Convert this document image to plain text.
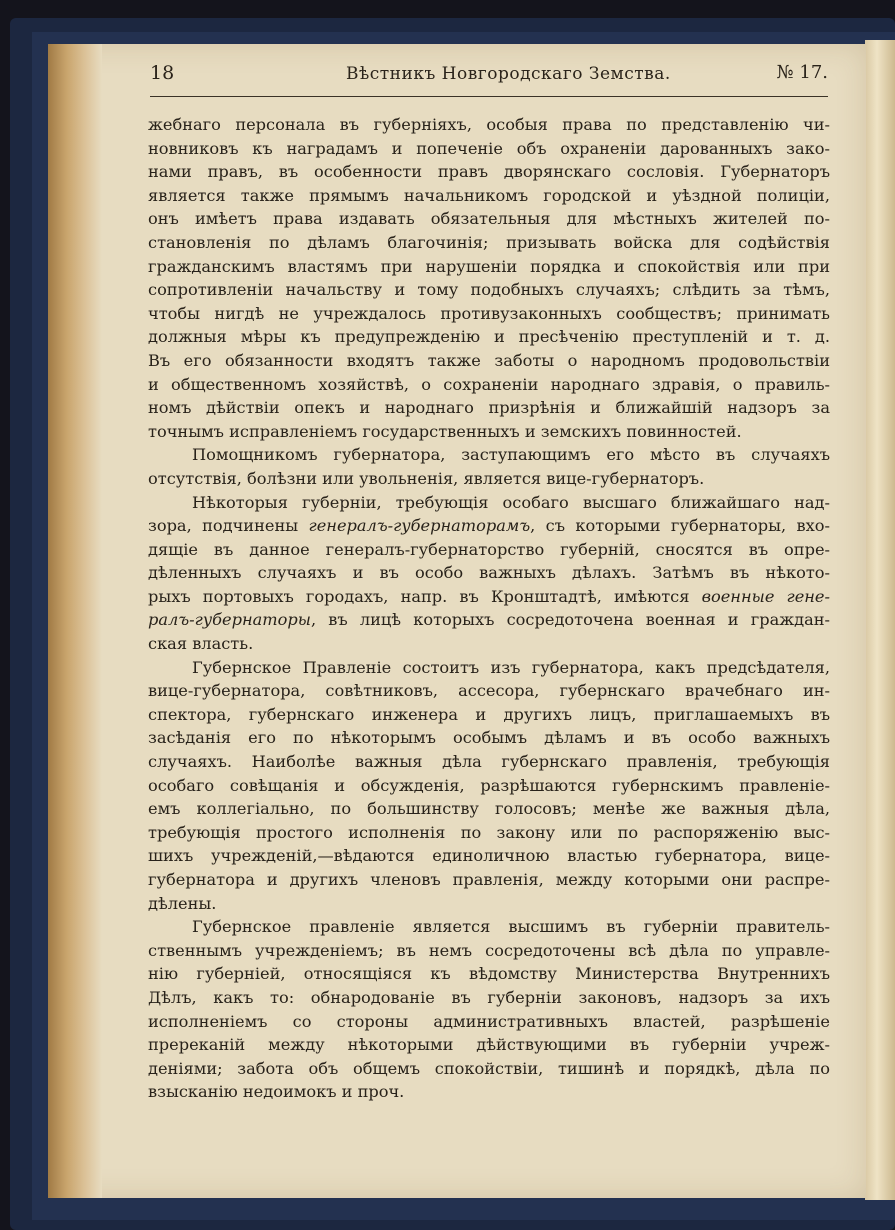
18	Вѣстникъ Новгородскаго Земства.	№ 17.
жебнаго персонала въ губерніяхъ, особыя права по представленію чи-
новниковъ къ наградамъ и попеченіе объ охраненіи дарованныхъ зако-
нами правъ, въ особенности правъ дворянскаго сословія. Губернаторъ
является также прямымъ начальникомъ городской и уѣздной полиціи,
онъ имѣетъ права издавать обязательныя для мѣстныхъ жителей по-
становленія по дѣламъ благочинія; призывать войска для содѣйствія
гражданскимъ властямъ при нарушеніи порядка и спокойствія или при
сопротивленіи начальству и тому подобныхъ случаяхъ; слѣдить за тѣмъ,
чтобы нигдѣ не учреждалось противузаконныхъ сообществъ; принимать
должныя мѣры къ предупрежденію и пресѣченію преступленій и т. д.
Въ его обязанности входятъ также заботы о народномъ продовольствіи
и общественномъ хозяйствѣ, о сохраненіи народнаго здравія, о правиль-
номъ дѣйствіи опекъ и народнаго призрѣнія и ближайшій надзоръ за
точнымъ исправленіемъ государственныхъ и земскихъ повинностей.
Помощникомъ губернатора, заступающимъ его мѣсто въ случаяхъ
отсутствія, болѣзни или увольненія, является вице-губернаторъ.
Нѣкоторыя губерніи, требующія особаго высшаго ближайшаго над-
зора, подчинены генералъ-губернаторамъ, съ которыми губернаторы, вхо-
дящіе въ данное генералъ-губернаторство губерній, сносятся въ опре-
дѣленныхъ случаяхъ и въ особо важныхъ дѣлахъ. Затѣмъ въ нѣкото-
рыхъ портовыхъ городахъ, напр. въ Кронштадтѣ, имѣются военные гене-
ралъ-губернаторы, въ лицѣ которыхъ сосредоточена военная и граждан-
ская власть.
Губернское Правленіе состоитъ изъ губернатора, какъ предсѣдателя,
вице-губернатора, совѣтниковъ, ассесора, губернскаго врачебнаго ин-
спектора, губернскаго инженера и другихъ лицъ, приглашаемыхъ въ
засѣданія его по нѣкоторымъ особымъ дѣламъ и въ особо важныхъ
случаяхъ. Наиболѣе важныя дѣла губернскаго правленія, требующія
особаго совѣщанія и обсужденія, разрѣшаются губернскимъ правленіе-
емъ коллегіально, по большинству голосовъ; менѣе же важныя дѣла,
требующія простого исполненія по закону или по распоряженію выс-
шихъ учрежденій,—вѣдаются единоличною властью губернатора, вице-
губернатора и другихъ членовъ правленія, между которыми они распре-
дѣлены.
Губернское правленіе является высшимъ въ губерніи правитель-
ственнымъ учрежденіемъ; въ немъ сосредоточены всѣ дѣла по управле-
нію губерніей, относящіяся къ вѣдомству Министерства Внутреннихъ
Дѣлъ, какъ то: обнародованіе въ губерніи законовъ, надзоръ за ихъ
исполненіемъ со стороны административныхъ властей, разрѣшеніе
пререканій между нѣкоторыми дѣйствующими въ губерніи учреж-
деніями; забота объ общемъ спокойствіи, тишинѣ и порядкѣ, дѣла по
взысканію недоимокъ и проч.
